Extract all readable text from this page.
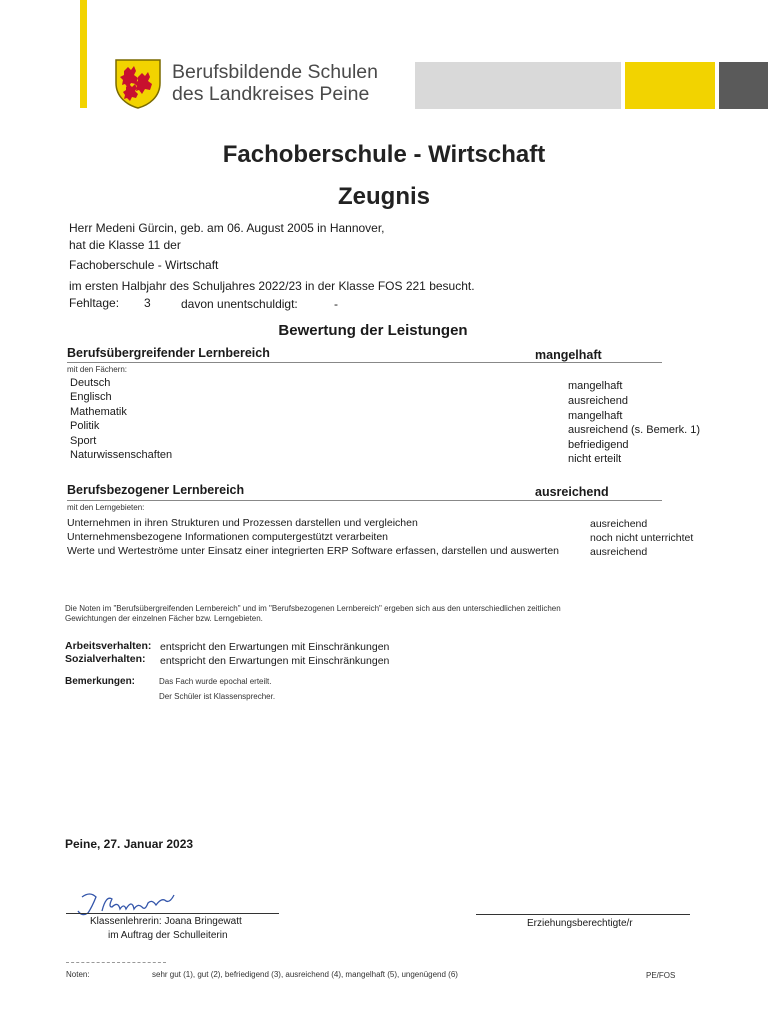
Berufsbildende Schulen
des Landkreises Peine
Fachoberschule - Wirtschaft
Zeugnis
Herr Medeni Gürcin, geb. am 06. August 2005 in Hannover,
hat die Klasse 11 der
Fachoberschule - Wirtschaft
im ersten Halbjahr des Schuljahres 2022/23 in der Klasse FOS 221 besucht.
Fehltage: 3	davon unentschuldigt:	-
Bewertung der Leistungen
Berufsübergreifender Lernbereich	mangelhaft
mit den Fächern:
Deutsch	mangelhaft
Englisch	ausreichend
Mathematik	mangelhaft
Politik	ausreichend (s. Bemerk. 1)
Sport	befriedigend
Naturwissenschaften	nicht erteilt
Berufsbezogener Lernbereich	ausreichend
mit den Lerngebieten:
Unternehmen in ihren Strukturen und Prozessen darstellen und vergleichen	ausreichend
Unternehmensbezogene Informationen computergestützt verarbeiten	noch nicht unterrichtet
Werte und Werteströme unter Einsatz einer integrierten ERP Software erfassen, darstellen und auswerten	ausreichend
Die Noten im "Berufsübergreifenden Lernbereich" und im "Berufsbezogenen Lernbereich" ergeben sich aus den unterschiedlichen zeitlichen
Gewichtungen der einzelnen Fächer bzw. Lerngebieten.
Arbeitsverhalten: entspricht den Erwartungen mit Einschränkungen
Sozialverhalten: entspricht den Erwartungen mit Einschränkungen
Bemerkungen:	Das Fach wurde epochal erteilt.
Der Schüler ist Klassensprecher.
Peine, 27. Januar 2023
Klassenlehrerin: Joana Bringewatt
im Auftrag der Schulleiterin
Erziehungsberechtigte/r
Noten:	sehr gut (1), gut (2), befriedigend (3), ausreichend (4), mangelhaft (5), ungenügend (6)	PE/FOS
